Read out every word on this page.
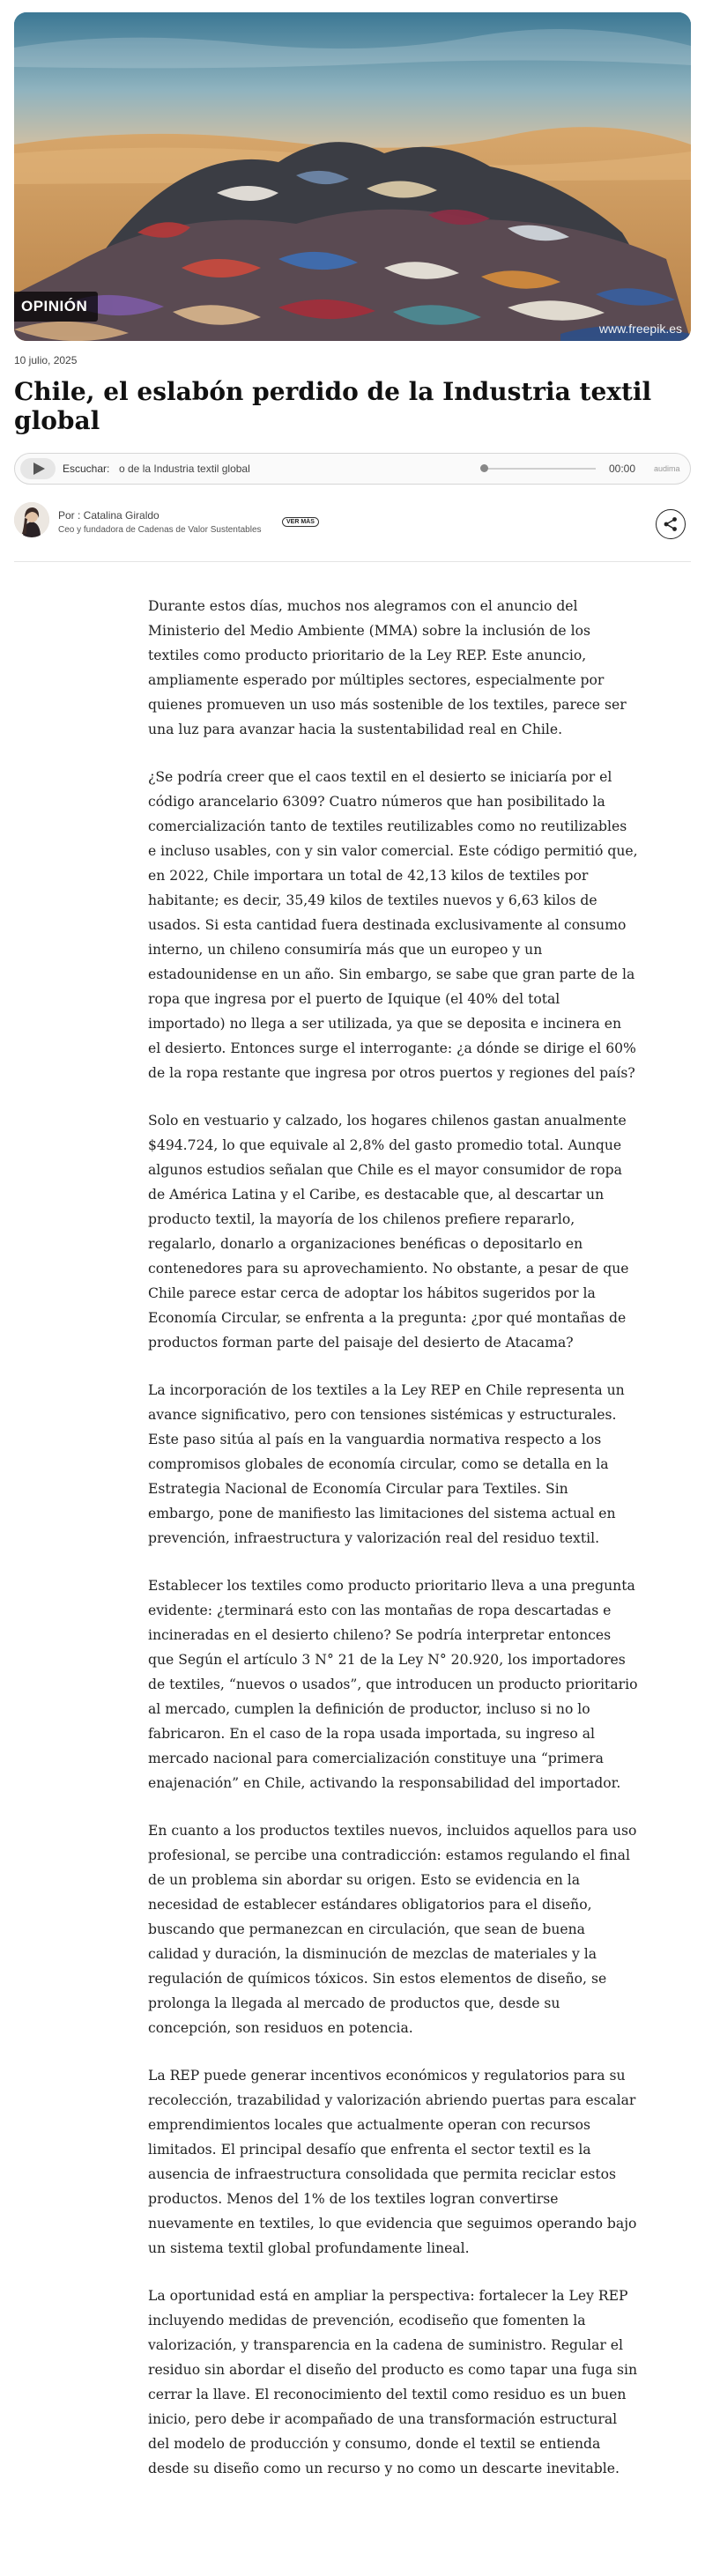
OPINIÓN
www.freepik.es
10 julio, 2025
Chile, el eslabón perdido de la Industria textil global
Escuchar: o de la Industria textil global	00:00 audima
Por : Catalina Giraldo
Ceo y fundadora de Cadenas de Valor Sustentables
VER MÁS

Durante estos días, muchos nos alegramos con el anuncio del Ministerio del Medio Ambiente (MMA) sobre la inclusión de los textiles como producto prioritario de la Ley REP. Este anuncio, ampliamente esperado por múltiples sectores, especialmente por quienes promueven un uso más sostenible de los textiles, parece ser una luz para avanzar hacia la sustentabilidad real en Chile.

¿Se podría creer que el caos textil en el desierto se iniciaría por el código arancelario 6309? Cuatro números que han posibilitado la comercialización tanto de textiles reutilizables como no reutilizables e incluso usables, con y sin valor comercial. Este código permitió que, en 2022, Chile importara un total de 42,13 kilos de textiles por habitante; es decir, 35,49 kilos de textiles nuevos y 6,63 kilos de usados. Si esta cantidad fuera destinada exclusivamente al consumo interno, un chileno consumiría más que un europeo y un estadounidense en un año. Sin embargo, se sabe que gran parte de la ropa que ingresa por el puerto de Iquique (el 40% del total importado) no llega a ser utilizada, ya que se deposita e incinera en el desierto. Entonces surge el interrogante: ¿a dónde se dirige el 60% de la ropa restante que ingresa por otros puertos y regiones del país?

Solo en vestuario y calzado, los hogares chilenos gastan anualmente $494.724, lo que equivale al 2,8% del gasto promedio total. Aunque algunos estudios señalan que Chile es el mayor consumidor de ropa de América Latina y el Caribe, es destacable que, al descartar un producto textil, la mayoría de los chilenos prefiere repararlo, regalarlo, donarlo a organizaciones benéficas o depositarlo en contenedores para su aprovechamiento. No obstante, a pesar de que Chile parece estar cerca de adoptar los hábitos sugeridos por la Economía Circular, se enfrenta a la pregunta: ¿por qué montañas de productos forman parte del paisaje del desierto de Atacama?

La incorporación de los textiles a la Ley REP en Chile representa un avance significativo, pero con tensiones sistémicas y estructurales. Este paso sitúa al país en la vanguardia normativa respecto a los compromisos globales de economía circular, como se detalla en la Estrategia Nacional de Economía Circular para Textiles. Sin embargo, pone de manifiesto las limitaciones del sistema actual en prevención, infraestructura y valorización real del residuo textil.

Establecer los textiles como producto prioritario lleva a una pregunta evidente: ¿terminará esto con las montañas de ropa descartadas e incineradas en el desierto chileno? Se podría interpretar entonces que Según el artículo 3 N° 21 de la Ley N° 20.920, los importadores de textiles, “nuevos o usados”, que introducen un producto prioritario al mercado, cumplen la definición de productor, incluso si no lo fabricaron. En el caso de la ropa usada importada, su ingreso al mercado nacional para comercialización constituye una “primera enajenación” en Chile, activando la responsabilidad del importador.

En cuanto a los productos textiles nuevos, incluidos aquellos para uso profesional, se percibe una contradicción: estamos regulando el final de un problema sin abordar su origen. Esto se evidencia en la necesidad de establecer estándares obligatorios para el diseño, buscando que permanezcan en circulación, que sean de buena calidad y duración, la disminución de mezclas de materiales y la regulación de químicos tóxicos. Sin estos elementos de diseño, se prolonga la llegada al mercado de productos que, desde su concepción, son residuos en potencia.

La REP puede generar incentivos económicos y regulatorios para su recolección, trazabilidad y valorización abriendo puertas para escalar emprendimientos locales que actualmente operan con recursos limitados. El principal desafío que enfrenta el sector textil es la ausencia de infraestructura consolidada que permita reciclar estos productos. Menos del 1% de los textiles logran convertirse nuevamente en textiles, lo que evidencia que seguimos operando bajo un sistema textil global profundamente lineal.

La oportunidad está en ampliar la perspectiva: fortalecer la Ley REP incluyendo medidas de prevención, ecodiseño que fomenten la valorización, y transparencia en la cadena de suministro. Regular el residuo sin abordar el diseño del producto es como tapar una fuga sin cerrar la llave. El reconocimiento del textil como residuo es un buen inicio, pero debe ir acompañado de una transformación estructural del modelo de producción y consumo, donde el textil se entienda desde su diseño como un recurso y no como un descarte inevitable.
